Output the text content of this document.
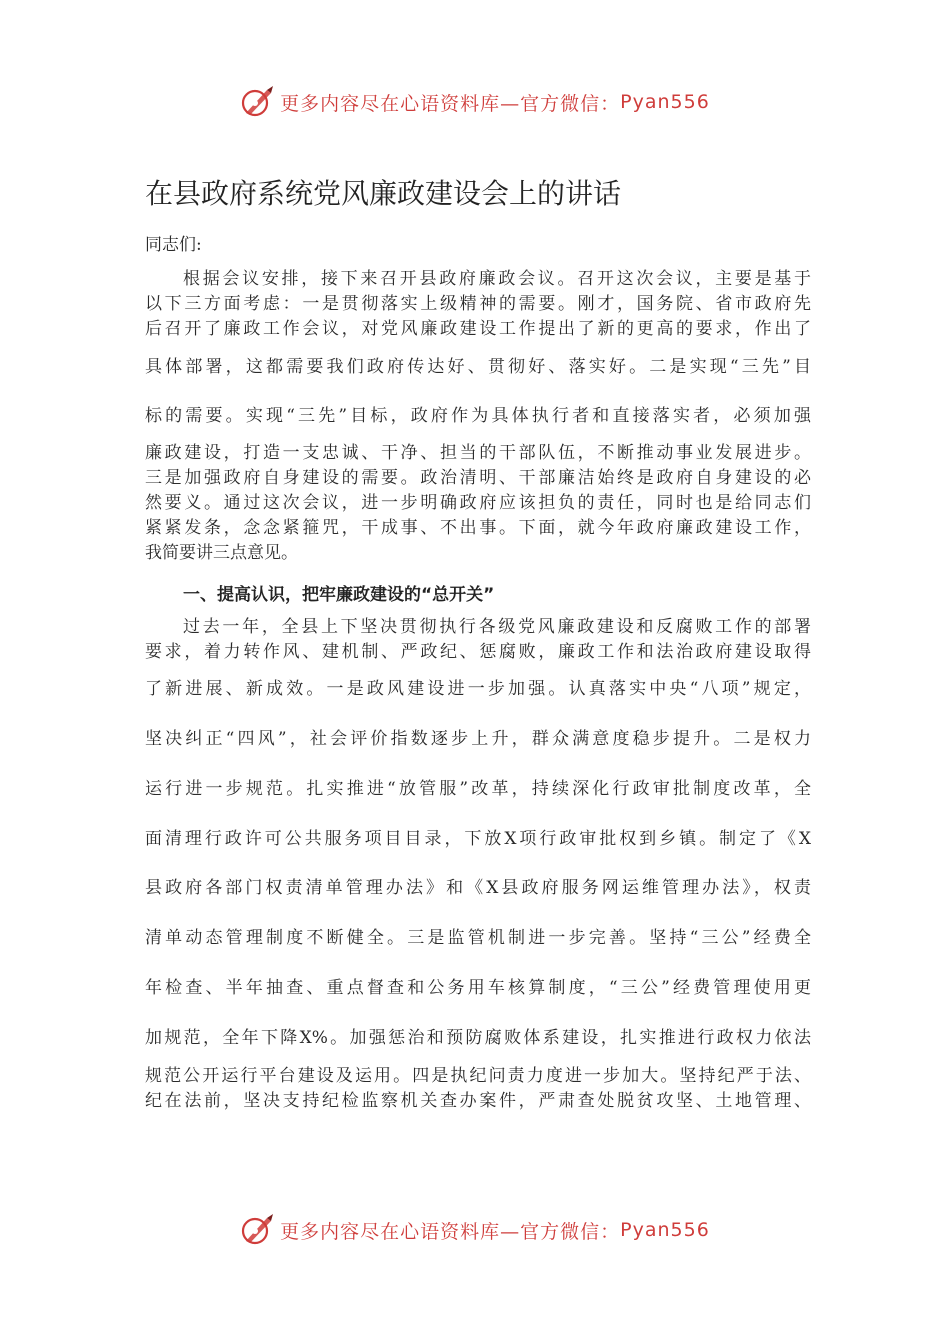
更多内容尽在心语资料库—官方微信： Pyan556
在县政府系统党风廉政建设会上的讲话

同志们:

根据会议安排，接下来召开县政府廉政会议。召开这次会议，主要是基于

以下三方面考虑：一是贯彻落实上级精神的需要。刚才，国务院、省市政府先

后召开了廉政工作会议，对党风廉政建设工作提出了新的更高的要求，作出了

具体部署，这都需要我们政府传达好、贯彻好、落实好。二是实现“三先”目

标的需要。实现“三先”目标，政府作为具体执行者和直接落实者，必须加强

廉政建设，打造一支忠诚、干净、担当的干部队伍，不断推动事业发展进步。

三是加强政府自身建设的需要。政治清明、干部廉洁始终是政府自身建设的必

然要义。通过这次会议，进一步明确政府应该担负的责任，同时也是给同志们

紧紧发条，念念紧箍咒，干成事、不出事。下面，就今年政府廉政建设工作，

我简要讲三点意见。

一、提高认识，把牢廉政建设的“总开关”

过去一年，全县上下坚决贯彻执行各级党风廉政建设和反腐败工作的部署

要求，着力转作风、建机制、严政纪、惩腐败，廉政工作和法治政府建设取得

了新进展、新成效。一是政风建设进一步加强。认真落实中央“八项”规定，

坚决纠正“四风”，社会评价指数逐步上升，群众满意度稳步提升。二是权力

运行进一步规范。扎实推进“放管服”改革，持续深化行政审批制度改革，全

面清理行政许可公共服务项目目录，下放X项行政审批权到乡镇。制定了《X

县政府各部门权责清单管理办法》和《X县政府服务网运维管理办法》，权责

清单动态管理制度不断健全。三是监管机制进一步完善。坚持“三公”经费全

年检查、半年抽查、重点督查和公务用车核算制度，“三公”经费管理使用更

加规范，全年下降X%。加强惩治和预防腐败体系建设，扎实推进行政权力依法

规范公开运行平台建设及运用。四是执纪问责力度进一步加大。坚持纪严于法、

纪在法前，坚决支持纪检监察机关查办案件，严肃查处脱贫攻坚、土地管理、

更多内容尽在心语资料库—官方微信： Pyan556
